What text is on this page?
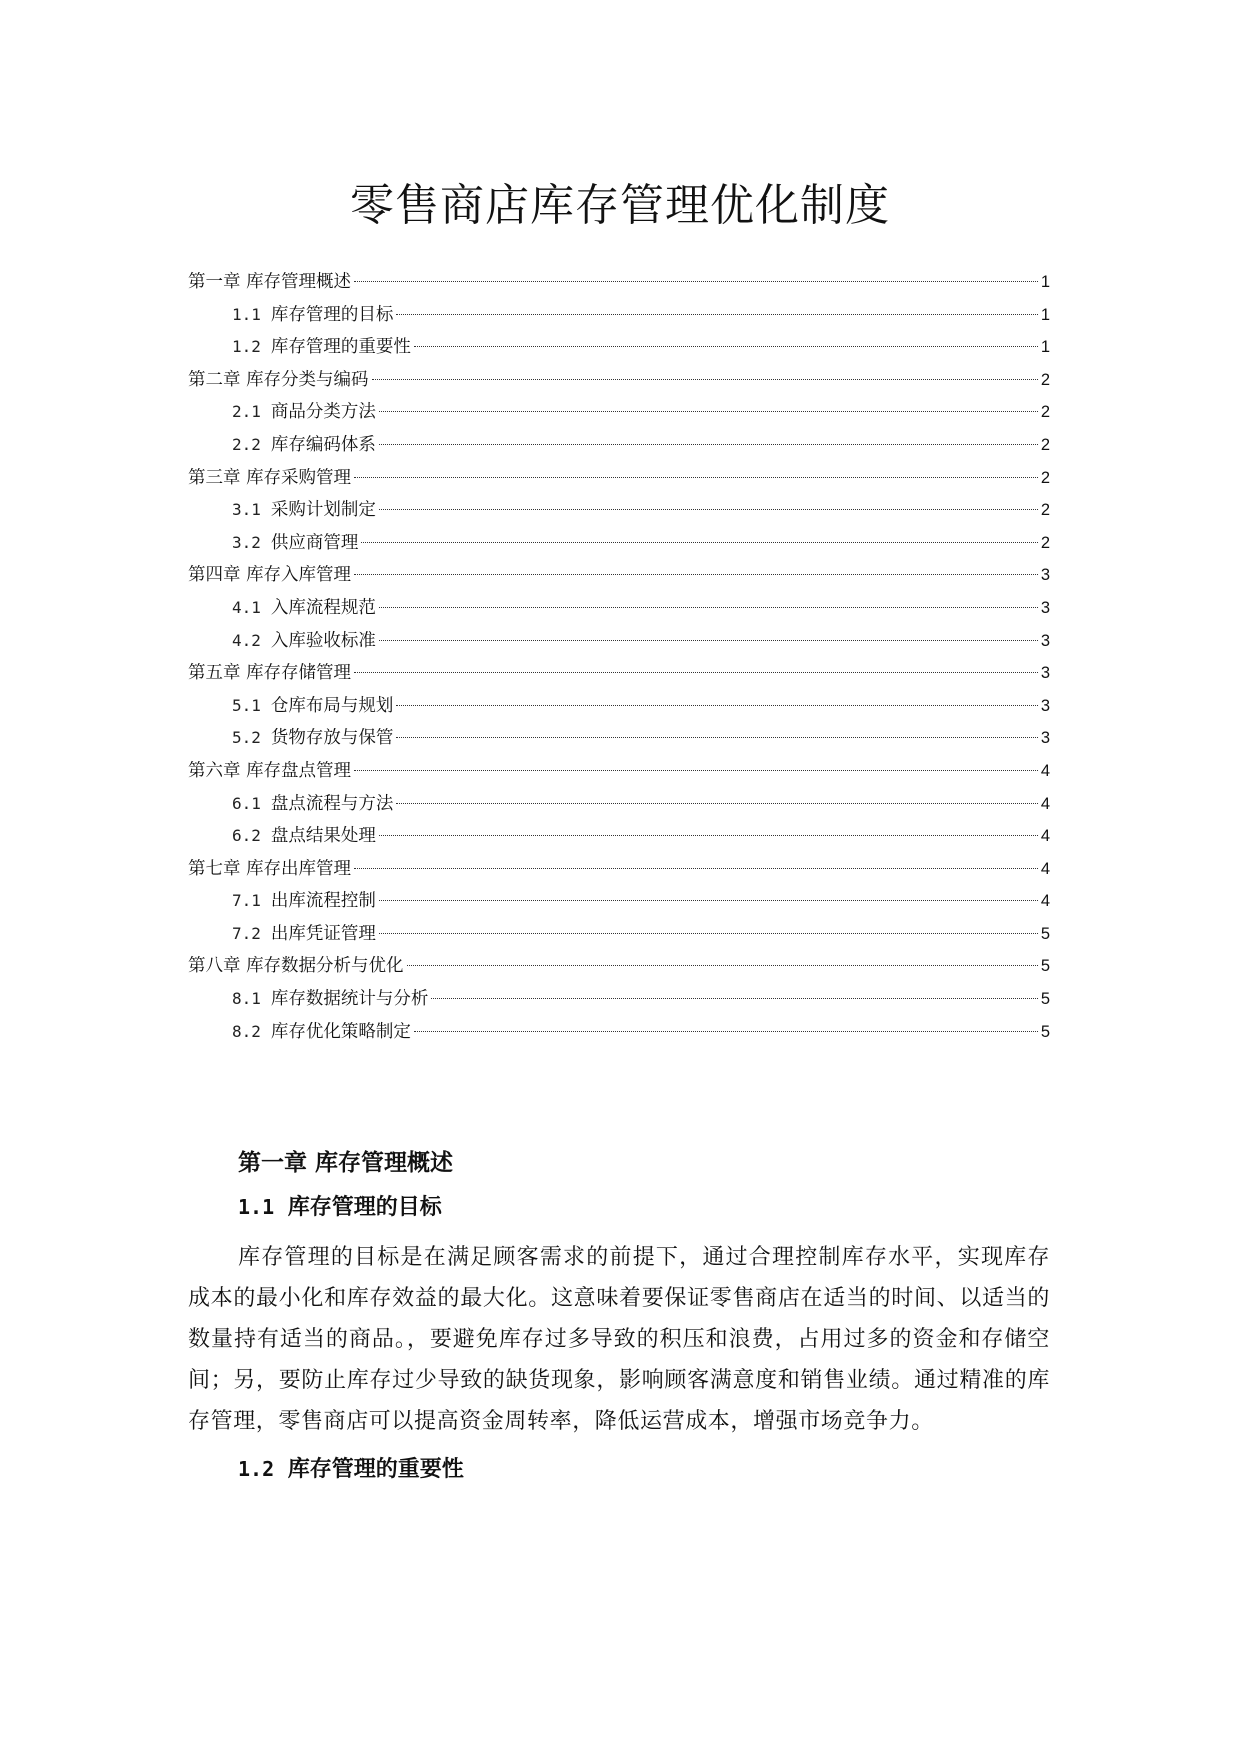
零售商店库存管理优化制度
第一章 库存管理概述	1
1.1 库存管理的目标	1
1.2 库存管理的重要性	1
第二章 库存分类与编码	2
2.1 商品分类方法	2
2.2 库存编码体系	2
第三章 库存采购管理	2
3.1 采购计划制定	2
3.2 供应商管理	2
第四章 库存入库管理	3
4.1 入库流程规范	3
4.2 入库验收标准	3
第五章 库存存储管理	3
5.1 仓库布局与规划	3
5.2 货物存放与保管	3
第六章 库存盘点管理	4
6.1 盘点流程与方法	4
6.2 盘点结果处理	4
第七章 库存出库管理	4
7.1 出库流程控制	4
7.2 出库凭证管理	5
第八章 库存数据分析与优化	5
8.1 库存数据统计与分析	5
8.2 库存优化策略制定	5
第一章 库存管理概述
1.1 库存管理的目标

库存管理的目标是在满足顾客需求的前提下，通过合理控制库存水平，实现库存成本的最小化和库存效益的最大化。这意味着要保证零售商店在适当的时间、以适当的数量持有适当的商品。，要避免库存过多导致的积压和浪费，占用过多的资金和存储空间；另，要防止库存过少导致的缺货现象，影响顾客满意度和销售业绩。通过精准的库存管理，零售商店可以提高资金周转率，降低运营成本，增强市场竞争力。

1.2 库存管理的重要性
